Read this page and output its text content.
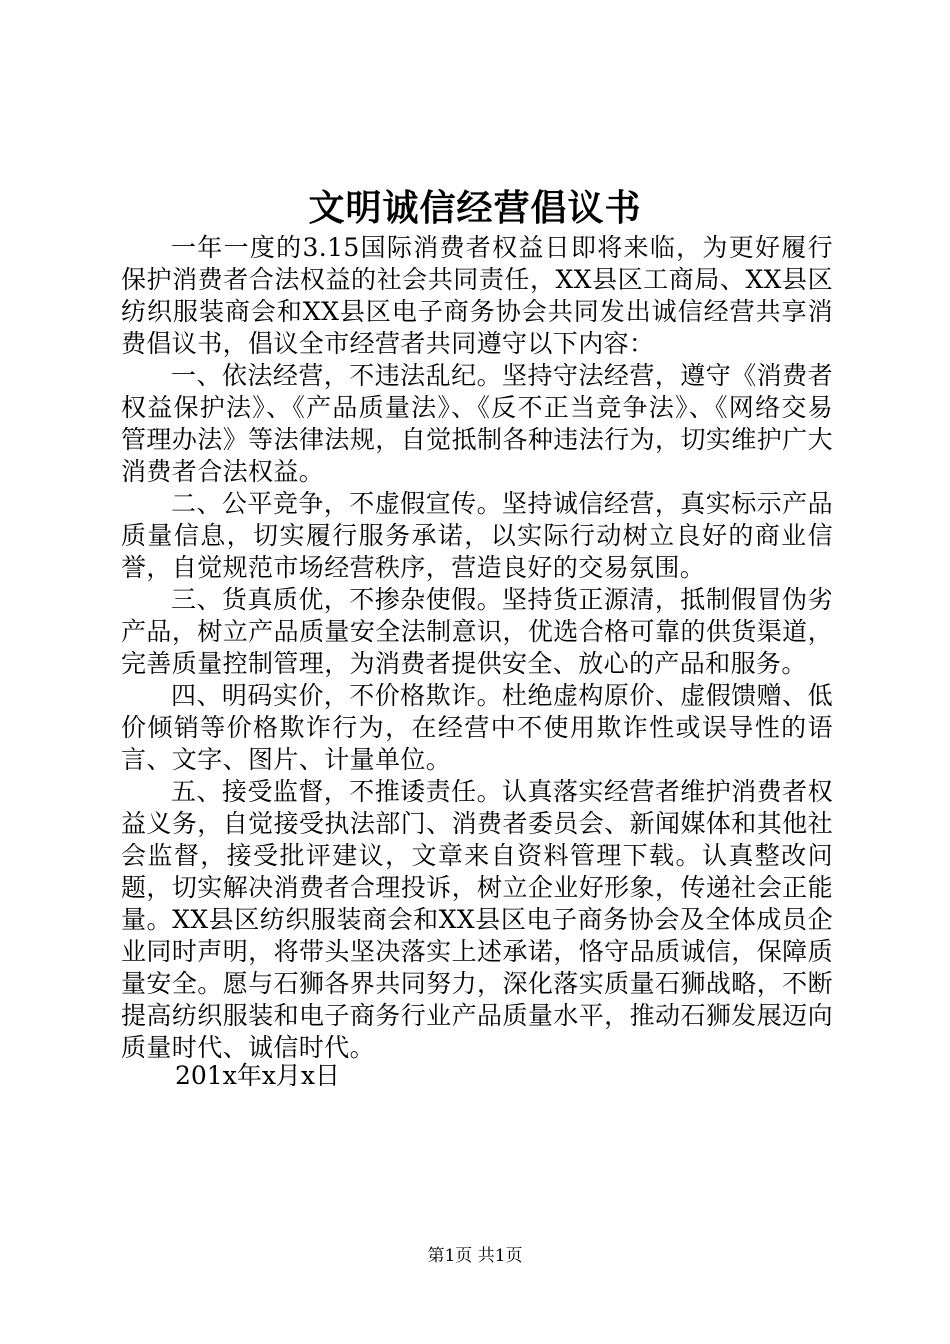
文明诚信经营倡议书

一年一度的3.15国际消费者权益日即将来临，为更好履行保护消费者合法权益的社会共同责任，XX县区工商局、XX县区纺织服装商会和XX县区电子商务协会共同发出诚信经营共享消费倡议书，倡议全市经营者共同遵守以下内容：

一、依法经营，不违法乱纪。坚持守法经营，遵守《消费者权益保护法》、《产品质量法》、《反不正当竞争法》、《网络交易管理办法》等法律法规，自觉抵制各种违法行为，切实维护广大消费者合法权益。

二、公平竞争，不虚假宣传。坚持诚信经营，真实标示产品质量信息，切实履行服务承诺，以实际行动树立良好的商业信誉，自觉规范市场经营秩序，营造良好的交易氛围。

三、货真质优，不掺杂使假。坚持货正源清，抵制假冒伪劣产品，树立产品质量安全法制意识，优选合格可靠的供货渠道，完善质量控制管理，为消费者提供安全、放心的产品和服务。

四、明码实价，不价格欺诈。杜绝虚构原价、虚假馈赠、低价倾销等价格欺诈行为，在经营中不使用欺诈性或误导性的语言、文字、图片、计量单位。

五、接受监督，不推诿责任。认真落实经营者维护消费者权益义务，自觉接受执法部门、消费者委员会、新闻媒体和其他社会监督，接受批评建议，文章来自资料管理下载。认真整改问题，切实解决消费者合理投诉，树立企业好形象，传递社会正能量。XX县区纺织服装商会和XX县区电子商务协会及全体成员企业同时声明，将带头坚决落实上述承诺，恪守品质诚信，保障质量安全。愿与石狮各界共同努力，深化落实质量石狮战略，不断提高纺织服装和电子商务行业产品质量水平，推动石狮发展迈向质量时代、诚信时代。

201x年x月x日

第1页 共1页
